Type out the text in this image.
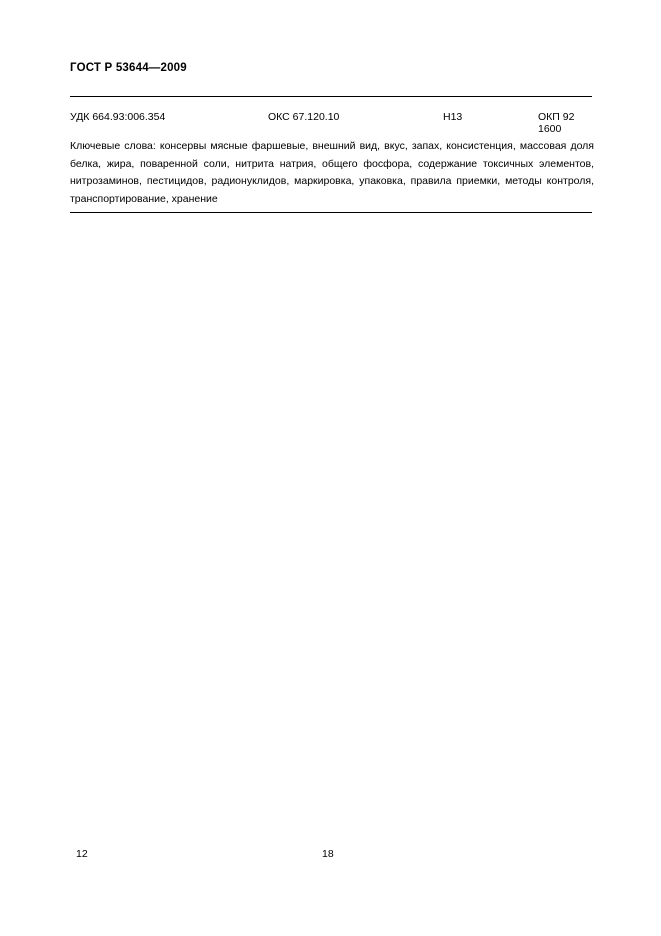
ГОСТ Р 53644—2009
УДК 664.93:006.354	ОКС 67.120.10	Н13	ОКП 92 1600
Ключевые слова: консервы мясные фаршевые, внешний вид, вкус, запах, консистенция, массовая доля белка, жира, поваренной соли, нитрита натрия, общего фосфора, содержание токсичных элементов, нитрозаминов, пестицидов, радионуклидов, маркировка, упаковка, правила приемки, методы контроля, транспортирование, хранение
12	18
